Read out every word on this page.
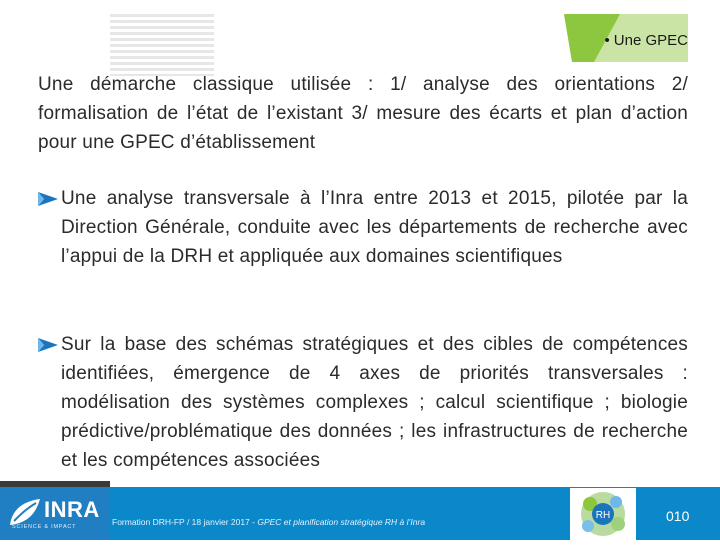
• Une GPEC
Une démarche classique utilisée : 1/ analyse des orientations 2/ formalisation de l’état de l’existant 3/ mesure des écarts et plan d’action pour une GPEC d’établissement
Une analyse transversale à l’Inra entre 2013 et 2015, pilotée par la Direction Générale, conduite avec les départements de recherche avec l’appui de la DRH et appliquée aux domaines scientifiques
Sur la base des schémas stratégiques et des cibles de compétences identifiées, émergence de 4 axes de priorités transversales : modélisation des systèmes complexes ; calcul scientifique ; biologie prédictive/problématique des données ; les infrastructures de recherche et les compétences associées
INRA
SCIENCE & IMPACT	Formation DRH-FP / 18 janvier 2017 - GPEC et planification stratégique RH à l’Inra
RH	010
